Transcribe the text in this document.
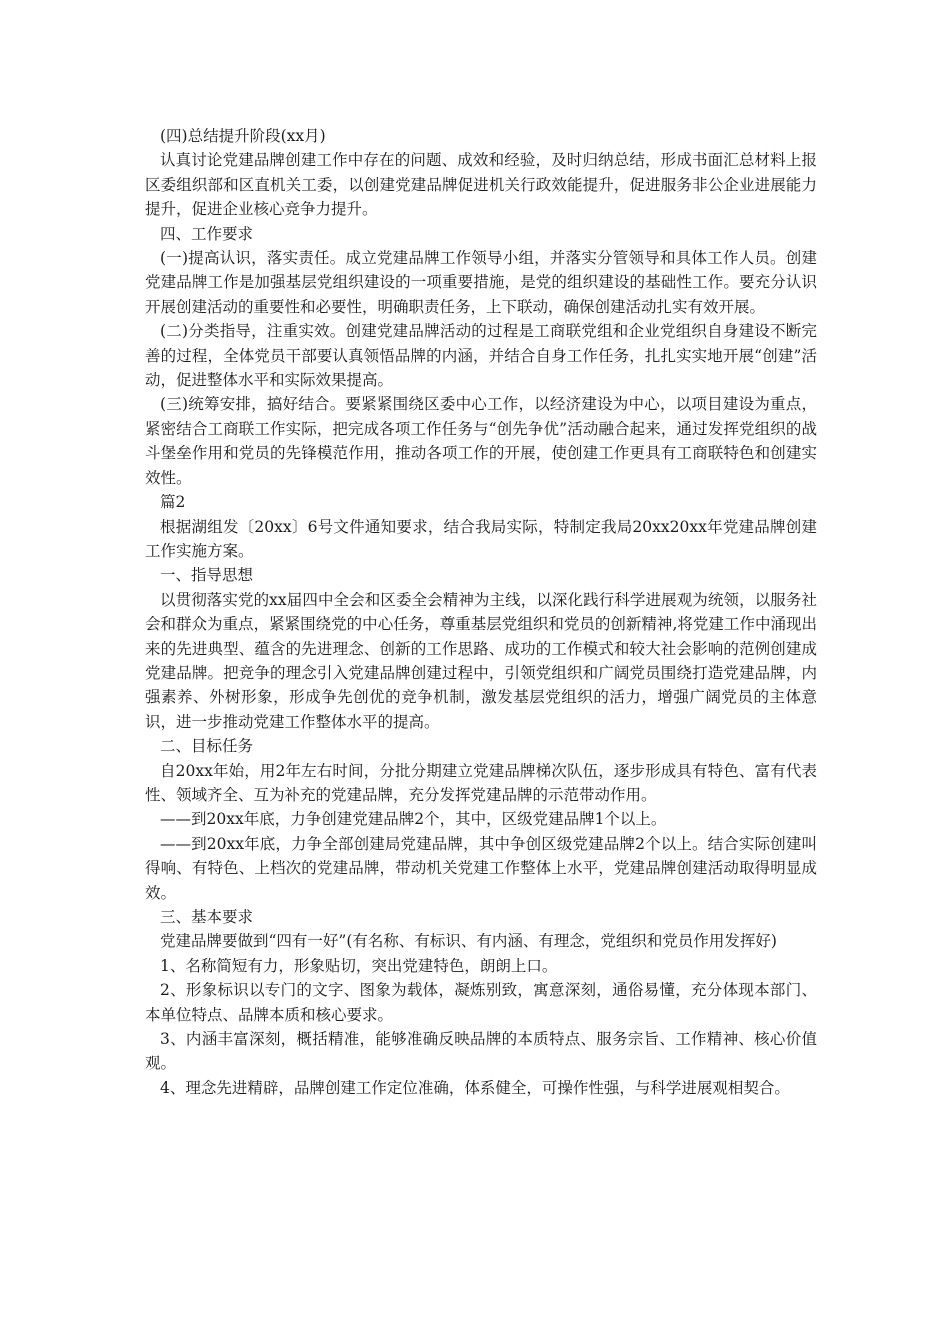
(四)总结提升阶段(xx月)

认真讨论党建品牌创建工作中存在的问题、成效和经验，及时归纳总结，形成书面汇总材料上报区委组织部和区直机关工委，以创建党建品牌促进机关行政效能提升，促进服务非公企业进展能力提升，促进企业核心竞争力提升。

四、工作要求

(一)提高认识，落实责任。成立党建品牌工作领导小组，并落实分管领导和具体工作人员。创建党建品牌工作是加强基层党组织建设的一项重要措施，是党的组织建设的基础性工作。要充分认识开展创建活动的重要性和必要性，明确职责任务，上下联动，确保创建活动扎实有效开展。

(二)分类指导，注重实效。创建党建品牌活动的过程是工商联党组和企业党组织自身建设不断完善的过程，全体党员干部要认真领悟品牌的内涵，并结合自身工作任务，扎扎实实地开展“创建”活动，促进整体水平和实际效果提高。

(三)统筹安排，搞好结合。要紧紧围绕区委中心工作，以经济建设为中心，以项目建设为重点，紧密结合工商联工作实际，把完成各项工作任务与“创先争优”活动融合起来，通过发挥党组织的战斗堡垒作用和党员的先锋模范作用，推动各项工作的开展，使创建工作更具有工商联特色和创建实效性。

篇2

根据湖组发〔20xx〕6号文件通知要求，结合我局实际，特制定我局20xx20xx年党建品牌创建工作实施方案。

一、指导思想

以贯彻落实党的xx届四中全会和区委全会精神为主线，以深化践行科学进展观为统领，以服务社会和群众为重点，紧紧围绕党的中心任务，尊重基层党组织和党员的创新精神,将党建工作中涌现出来的先进典型、蕴含的先进理念、创新的工作思路、成功的工作模式和较大社会影响的范例创建成党建品牌。把竞争的理念引入党建品牌创建过程中，引领党组织和广阔党员围绕打造党建品牌，内强素养、外树形象，形成争先创优的竞争机制，激发基层党组织的活力，增强广阔党员的主体意识，进一步推动党建工作整体水平的提高。

二、目标任务

自20xx年始，用2年左右时间，分批分期建立党建品牌梯次队伍，逐步形成具有特色、富有代表性、领域齐全、互为补充的党建品牌，充分发挥党建品牌的示范带动作用。

——到20xx年底，力争创建党建品牌2个，其中，区级党建品牌1个以上。

——到20xx年底，力争全部创建局党建品牌，其中争创区级党建品牌2个以上。结合实际创建叫得响、有特色、上档次的党建品牌，带动机关党建工作整体上水平，党建品牌创建活动取得明显成效。

三、基本要求

党建品牌要做到“四有一好”(有名称、有标识、有内涵、有理念，党组织和党员作用发挥好)

1、名称简短有力，形象贴切，突出党建特色，朗朗上口。

2、形象标识以专门的文字、图象为载体，凝炼别致，寓意深刻，通俗易懂，充分体现本部门、本单位特点、品牌本质和核心要求。

3、内涵丰富深刻，概括精准，能够准确反映品牌的本质特点、服务宗旨、工作精神、核心价值观。

4、理念先进精辟，品牌创建工作定位准确，体系健全，可操作性强，与科学进展观相契合。
